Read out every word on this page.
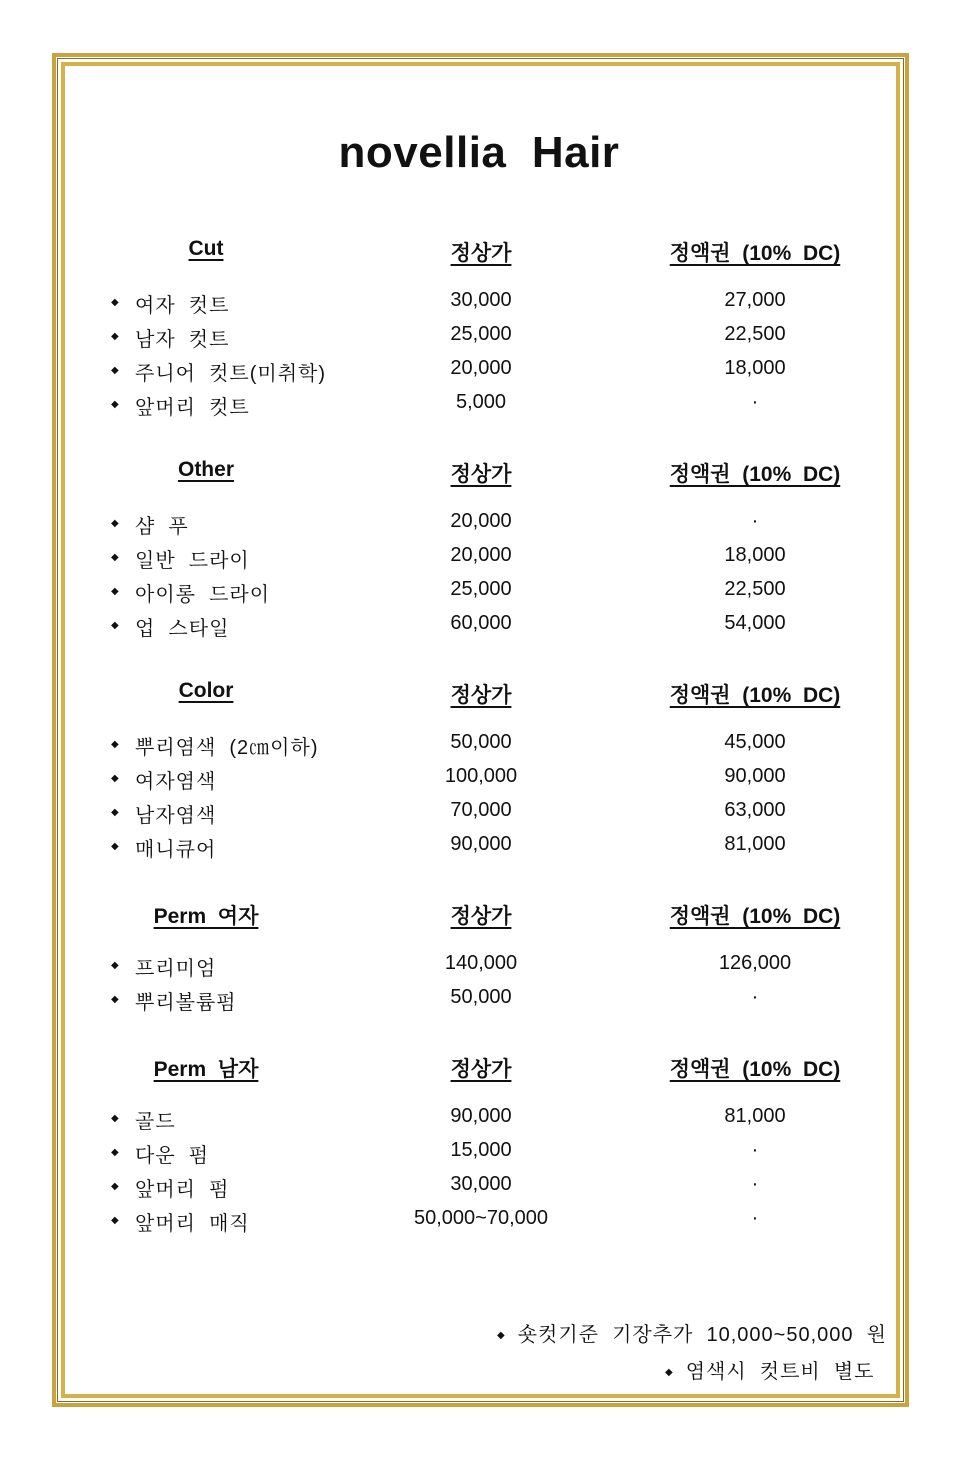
novellia  Hair
Cut	정상가	정액권  (10%  DC)
◆ 여자  컷트	30,000	27,000
◆ 남자  컷트	25,000	22,500
◆ 주니어  컷트(미취학)	20,000	18,000
◆ 앞머리  컷트	5,000	·
Other	정상가	정액권  (10%  DC)
◆ 샴  푸	20,000	·
◆ 일반  드라이	20,000	18,000
◆ 아이롱  드라이	25,000	22,500
◆ 업  스타일	60,000	54,000
Color	정상가	정액권  (10%  DC)
◆ 뿌리염색  (2㎝이하)	50,000	45,000
◆ 여자염색	100,000	90,000
◆ 남자염색	70,000	63,000
◆ 매니큐어	90,000	81,000
Perm  여자	정상가	정액권  (10%  DC)
◆ 프리미엄	140,000	126,000
◆ 뿌리볼륨펌	50,000	·
Perm  남자	정상가	정액권  (10%  DC)
◆ 골드	90,000	81,000
◆ 다운  펌	15,000	·
◆ 앞머리  펌	30,000	·
◆ 앞머리  매직	50,000~70,000	·
◆ 숏컷기준  기장추가  10,000~50,000  원
◆ 염색시  컷트비  별도
